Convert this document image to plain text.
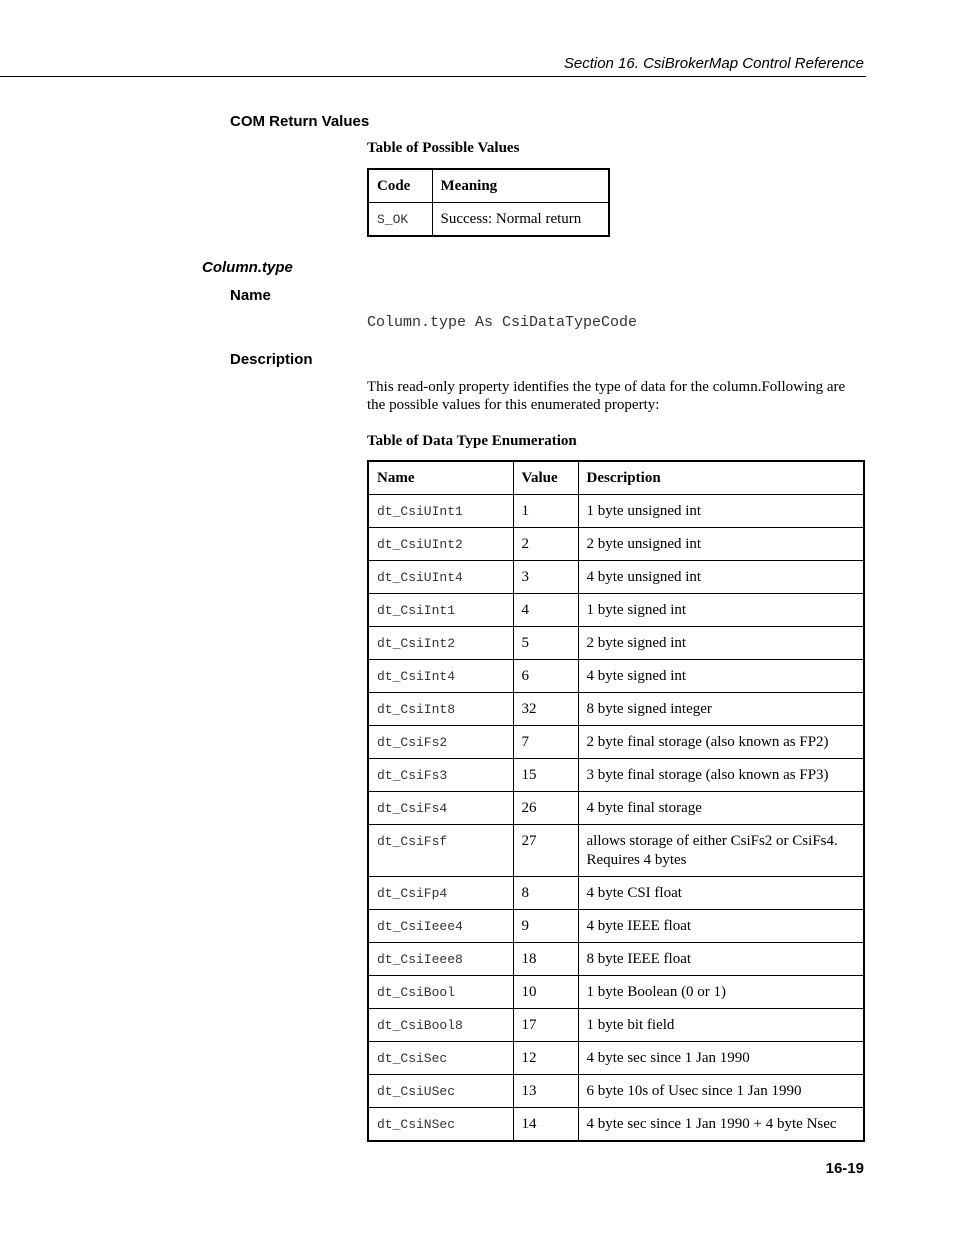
Section 16. CsiBrokerMap Control Reference
COM Return Values
Table of Possible Values
Code	Meaning
S_OK	Success: Normal return
Column.type
Name
Column.type As CsiDataTypeCode
Description
This read-only property identifies the type of data for the column.Following are the possible values for this enumerated property:
Table of Data Type Enumeration
Name	Value	Description
dt_CsiUInt1	1	1 byte unsigned int
dt_CsiUInt2	2	2 byte unsigned int
dt_CsiUInt4	3	4 byte unsigned int
dt_CsiInt1	4	1 byte signed int
dt_CsiInt2	5	2 byte signed int
dt_CsiInt4	6	4 byte signed int
dt_CsiInt8	32	8 byte signed integer
dt_CsiFs2	7	2 byte final storage (also known as FP2)
dt_CsiFs3	15	3 byte final storage (also known as FP3)
dt_CsiFs4	26	4 byte final storage
dt_CsiFsf	27	allows storage of either CsiFs2 or CsiFs4. Requires 4 bytes
dt_CsiFp4	8	4 byte CSI float
dt_CsiIeee4	9	4 byte IEEE float
dt_CsiIeee8	18	8 byte IEEE float
dt_CsiBool	10	1 byte Boolean (0 or 1)
dt_CsiBool8	17	1 byte bit field
dt_CsiSec	12	4 byte sec since 1 Jan 1990
dt_CsiUSec	13	6 byte 10s of Usec since 1 Jan 1990
dt_CsiNSec	14	4 byte sec since 1 Jan 1990 + 4 byte Nsec
16-19
